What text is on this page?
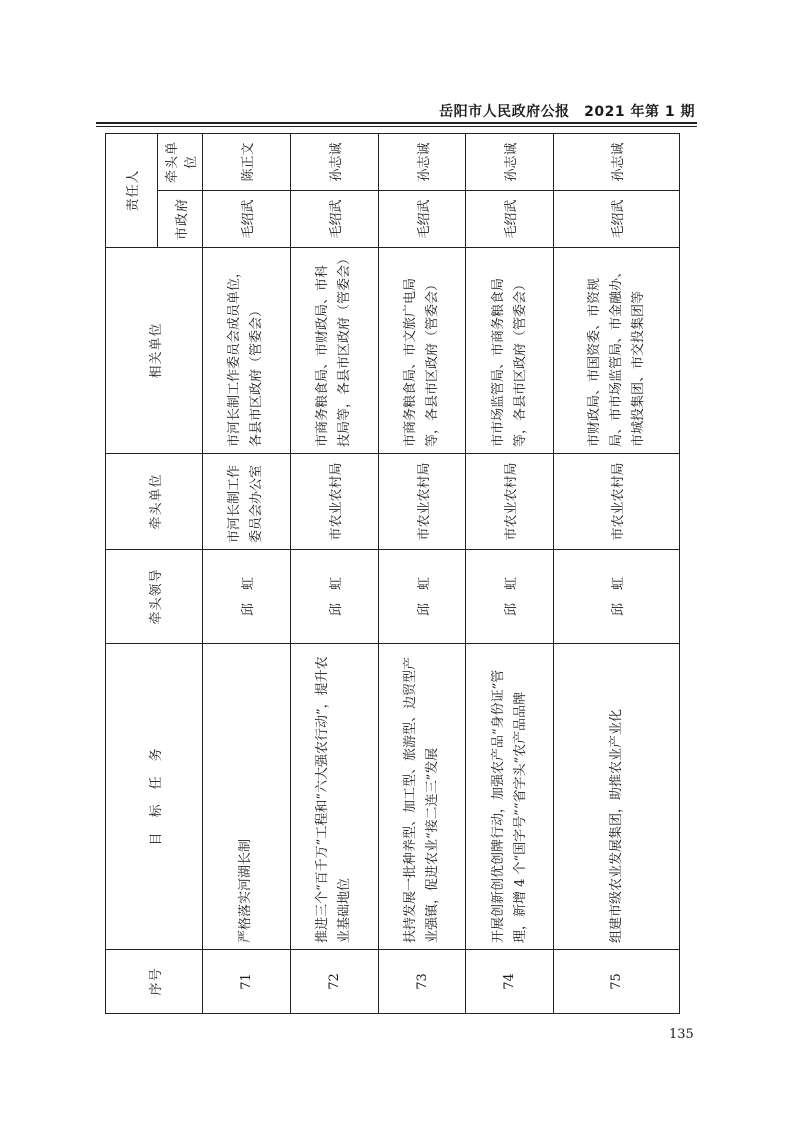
岳阳市人民政府公报　2021 年第 1 期
序号	目　标　任　务	牵头领导	牵头单位	相关单位	责任人	
					市政府	牵头单位
71	严格落实河湖长制	邱　虹	市河长制工作委员会办公室	市河长制工作委员会成员单位，各县市区政府（管委会）	毛绍武	陈正文
72	推进三个“百千万”工程和“六大强农行动”，提升农业基础地位	邱　虹	市农业农村局	市商务粮食局、市财政局、市科技局等，各县市区政府（管委会）	毛绍武	孙志诚
73	扶持发展一批种养型、加工型、旅游型、边贸型产业强镇，促进农业“接二连三”发展	邱　虹	市农业农村局	市商务粮食局、市文旅广电局等，各县市区政府（管委会）	毛绍武	孙志诚
74	开展创新创优创牌行动，加强农产品“身份证”管理，新增 4 个“国字号”“省字头”农产品品牌	邱　虹	市农业农村局	市市场监管局、市商务粮食局等，各县市区政府（管委会）	毛绍武	孙志诚
75	组建市级农业发展集团，助推农业产业化	邱　虹	市农业农村局	市财政局、市国资委、市资规局、市市场监管局、市金融办、市城投集团、市交投集团等	毛绍武	孙志诚
135
